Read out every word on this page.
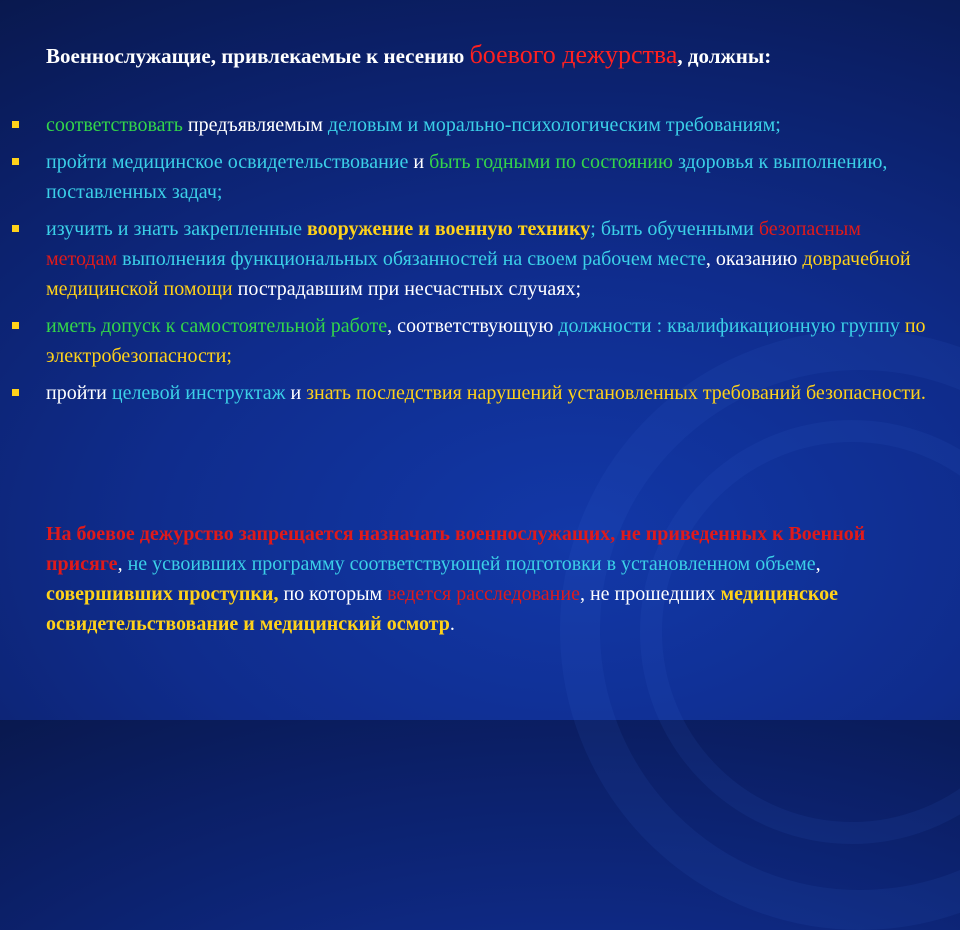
Военнослужащие, привлекаемые к несению боевого дежурства, должны:
соответствовать предъявляемым деловым и морально-психологическим требованиям;
пройти медицинское освидетельствование и быть годными по состоянию здоровья к выполнению, поставленных задач;
изучить и знать закрепленные вооружение и военную технику; быть обученными безопасным методам выполнения функциональных обязанностей на своем рабочем месте, оказанию доврачебной медицинской помощи пострадавшим при несчастных случаях;
иметь допуск к самостоятельной работе, соответствующую должности : квалификационную группу по электробезопасности;
пройти целевой инструктаж и знать последствия нарушений установленных требований безопасности.
На боевое дежурство запрещается назначать военнослужащих, не приведенных к Военной присяге, не усвоивших программу соответствующей подготовки в установленном объеме, совершивших проступки, по которым ведется расследование, не прошедших медицинское освидетельствование и медицинский осмотр.
